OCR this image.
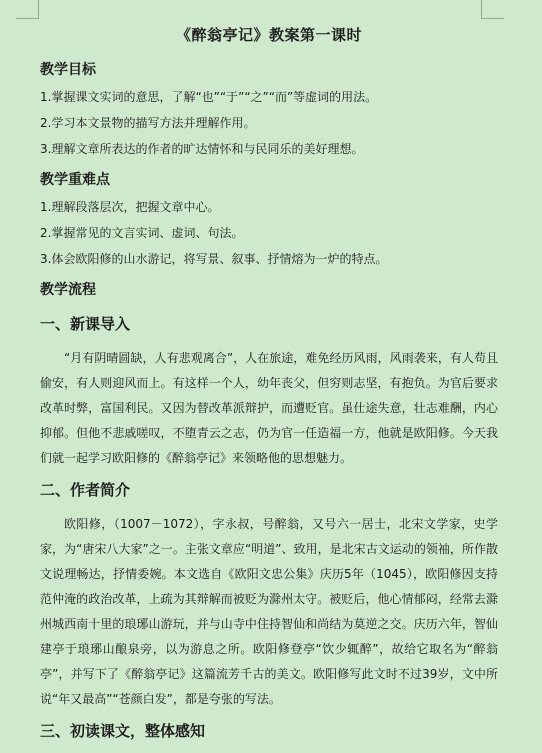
《醉翁亭记》教案第一课时
教学目标
1.掌握课文实词的意思，了解“也”“于”“之”“而”等虚词的用法。
2.学习本文景物的描写方法并理解作用。
3.理解文章所表达的作者的旷达情怀和与民同乐的美好理想。
教学重难点
1.理解段落层次，把握文章中心。
2.掌握常见的文言实词、虚词、句法。
3.体会欧阳修的山水游记，将写景、叙事、抒情熔为一炉的特点。
教学流程
一、新课导入
“月有阴晴圆缺，人有悲观离合”，人在旅途，难免经历风雨，风雨袭来，有人苟且偷安，有人则迎风而上。有这样一个人，幼年丧父，但穷则志坚，有抱负。为官后要求改革时弊，富国利民。又因为替改革派辩护，而遭贬官。虽仕途失意，壮志难酬，内心抑郁。但他不悲戚嗟叹，不堕青云之志，仍为官一任造福一方，他就是欧阳修。今天我们就一起学习欧阳修的《醉翁亭记》来领略他的思想魅力。
二、作者简介
欧阳修，（1007－1072），字永叔，号醉翁，又号六一居士，北宋文学家，史学家，为“唐宋八大家”之一。主张文章应“明道”、致用，是北宋古文运动的领袖，所作散文说理畅达，抒情委婉。本文选自《欧阳文忠公集》庆历5年（1045），欧阳修因支持范仲淹的政治改革，上疏为其辩解而被贬为滁州太守。被贬后，他心情郁闷，经常去滁州城西南十里的琅琊山游玩，并与山寺中住持智仙和尚结为莫逆之交。庆历六年，智仙建亭于琅琊山酿泉旁，以为游息之所。欧阳修登亭“饮少辄醉”，故给它取名为“醉翁亭”，并写下了《醉翁亭记》这篇流芳千古的美文。欧阳修写此文时不过39岁，文中所说“年又最高”“苍颜白发”，都是夸张的写法。
三、初读课文，整体感知
